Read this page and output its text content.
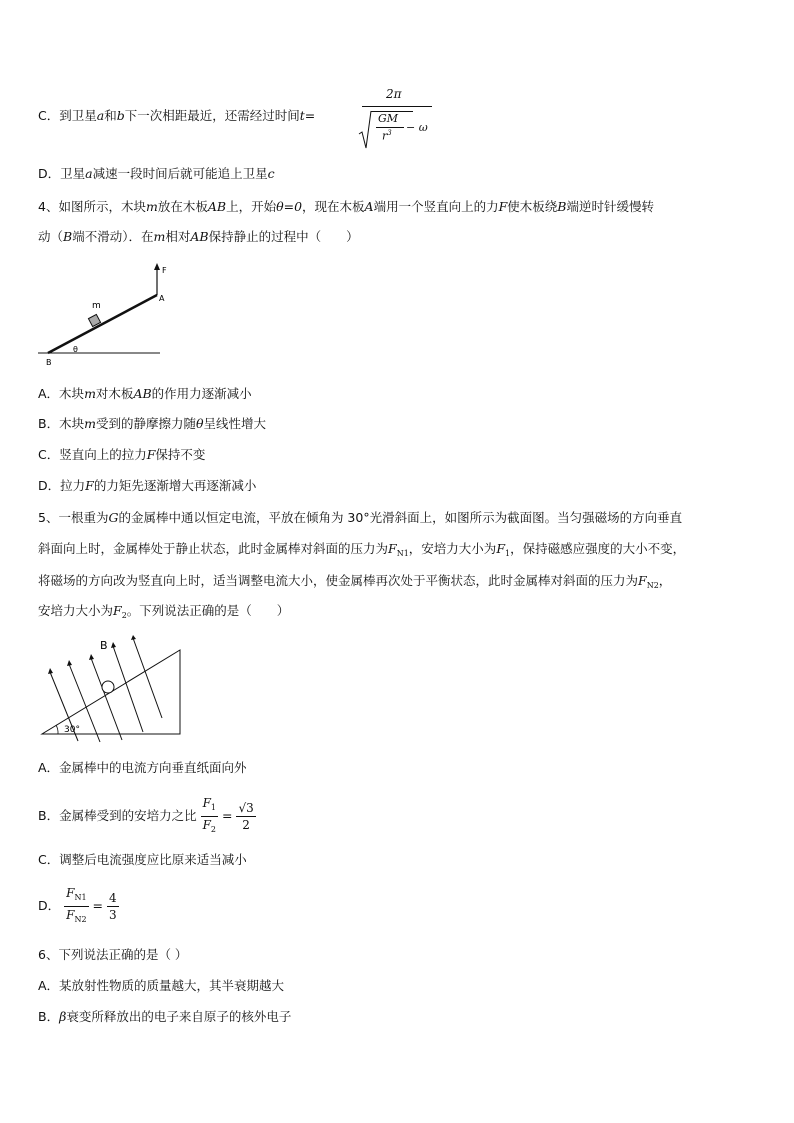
C．到卫星a和b下一次相距最近，还需经过时间t=
2π
GM
$r^3 - \omega$
D．卫星a减速一段时间后就可能追上卫星c
4、如图所示，木块m放在木板AB上，开始θ=0，现在木板A端用一个竖直向上的力F使木板绕B端逆时针缓慢转
动（B端不滑动）．在m相对AB保持静止的过程中（　　）
F
A
m
θ
B
A．木块m对木板AB的作用力逐渐减小
B．木块m受到的静摩擦力随θ呈线性增大
C．竖直向上的拉力F保持不变
D．拉力F的力矩先逐渐增大再逐渐减小
5、一根重为G的金属棒中通以恒定电流，平放在倾角为 30°光滑斜面上，如图所示为截面图。当匀强磁场的方向垂直
斜面向上时，金属棒处于静止状态，此时金属棒对斜面的压力为$F_{N1}$，安培力大小为$F_1$，保持磁感应强度的大小不变，
将磁场的方向改为竖直向上时，适当调整电流大小，使金属棒再次处于平衡状态，此时金属棒对斜面的压力为$F_{N2}$，
安培力大小为$F_2$。下列说法正确的是（　　）
B
30°
A．金属棒中的电流方向垂直纸面向外
B．金属棒受到的安培力之比 $\frac{F_1}{F_2} = \frac{√3}{2}$
C．调整后电流强度应比原来适当减小
D． $\frac{F_{N1}}{F_{N2}} = \frac{4}{3}$
6、下列说法正确的是（ ）
A．某放射性物质的质量越大，其半衰期越大
B．β衰变所释放出的电子来自原子的核外电子
